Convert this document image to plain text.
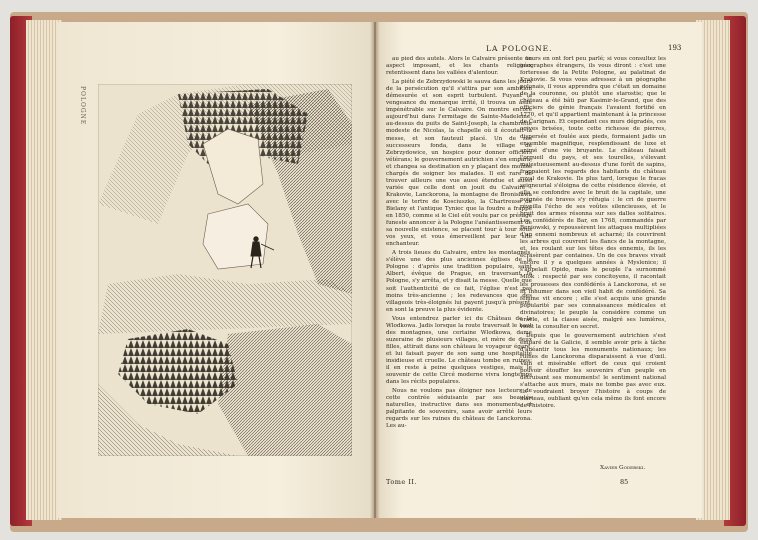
POLOGNE
LA POLOGNE.	193

au pied des autels. Alors le Calvaire présente un aspect imposant, et les chants religieux retentissent dans les vallées d'alentour.

La piété de Zebrzydowski le sauva dans les jours de la persécution qu'il s'attira par son ambition démesurée et son esprit turbulent. Fuyant la vengeance du monarque irrité, il trouva un asile impénétrable sur le Calvaire. On montre encore aujourd'hui dans l'ermitage de Sainte-Madeleine, au-dessus du puits de Saint-Joseph, la chambrette modeste de Nicolas, la chapelle où il écoutait la messe, et son fauteuil placé. Un de ses successeurs fonda, dans le village de Zebrzydowice, un hospice pour donner officiers vétérans; le gouvernement autrichien s'en empara, et changea sa destination en y plaçant des moines chargés de soigner les malades. Il est rare de trouver ailleurs une vue aussi étendue et aussi variée que celle dont on jouit du Calvaire : Krakovie, Lanckorona, la montagne de Bronislawa avec le tertre de Kosciuszko, la Chartreuse de Bielany et l'antique Tyniec que la foudre a frappé en 1850, comme si le Ciel eût voulu par ce présage funeste annoncer à la Pologne l'anéantissement de sa nouvelle existence, se placent tour à tour sous vos yeux, et vous émerveillent par leur site enchanteur.

A trois lieues du Calvaire, entre les montagnes, s'élève une des plus anciennes églises de la Pologne : d'après une tradition populaire, saint Albert, évêque de Prague, en traversant la Pologne, s'y arrêta, et y disait la messe. Quelle que soit l'authenticité de ce fait, l'église n'est pas moins très-ancienne ; les redevances que des villageois très-éloignés lui payent jusqu'à présent, en sont la preuve la plus évidente.

Vous entendrez parler ici du Château de la Wlodkowa. Jadis lorsque la route traversait le haut des montagnes, une certaine Wlodkowa, dame suzeraine de plusieurs villages, et mère de deux filles, attirait dans son château le voyageur égaré, et lui faisait payer de son sang une hospitalité insidieuse et cruelle. Le château tombe en ruines; il en reste à peine quelques vestiges, mais le souvenir de cette Circé moderne vivra longtemps dans les récits populaires.

Nous ne voulons pas éloigner nos lecteurs de cette contrée séduisante par ses beautés naturelles, instructive dans ses monuments, et palpitante de souvenirs, sans avoir arrêté leurs regards sur les ruines du château de Lanckorona. Les au-

teurs en ont fort peu parlé; si vous consultez les géographes étrangers, ils vous diront : c'est une forteresse de la Petite Pologne, au palatinat de Krakovie. Si vous vous adressez à un géographe polonais, il vous apprendra que c'était un domaine de la couronne, ou plutôt une starostie; que le château a été bâti par Kasimir-le-Grand, que des officiers de génie français l'avaient fortifié en 1770, et qu'il appartient maintenant à la princesse de Carignan. Et cependant ces murs dégradés, ces ogives brisées, toute cette richesse de pierres, dispersée et foulée aux pieds, formaient jadis un ensemble magnifique, resplendissant de luxe et animé d'une vie bruyante. Le château faisait l'orgueil du pays, et ses tourelles, s'élevant majestueusement au-dessus d'une forêt de sapins, frappaient les regards des habitants du château royal de Krakovie. Ils plus tard, lorsque le fracas seigneurial s'éloigna de cette résidence élevée, et alla se confondre avec le bruit de la capitale, une poignée de braves s'y réfugia : le cri de guerre réveilla l'écho de ses voûtes silencieuses, et le bruit des armes résonna sur ses dalles solitaires. Les confédérés de Bar, en 1768, commandés par Beniowski, y repoussèrent les attaques multipliées d'un ennemi nombreux et acharné; ils couvrirent les arbres qui couvrent les flancs de la montagne, et, les roulant sur les têtes des ennemis, ils les écrasèrent par centaines. Un de ces braves vivait encore il y a quelques années à Myslenice; il s'appelait Opido, mais le peuple l'a surnommé Mlok : respecté par ses concitoyens, il racontait les prouesses des confédérés à Lanckorona, et se fit inhumer dans son vieil habit de confédéré. Sa femme vit encore ; elle s'est acquis une grande popularité par ses connaissances médicales et divinatoires; le peuple la considère comme un oracle, et la classe aisée, malgré ses lumières, vient la consulter en secret.

Depuis que le gouvernement autrichien s'est emparé de la Galicie, il semble avoir pris à tâche d'anéantir tous les monuments nationaux; les ruines de Lanckorona disparaissent à vue d'œil. Vain et misérable effort de ceux qui croient pouvoir étouffer les souvenirs d'un peuple en détruisant ses monuments! le sentiment national s'attache aux murs, mais ne tombe pas avec eux. Ils voudraient broyer l'histoire à coups de marteau, oubliant qu'en cela même ils font encore de l'histoire.

Xavier Godebski.
Tome II.	85
